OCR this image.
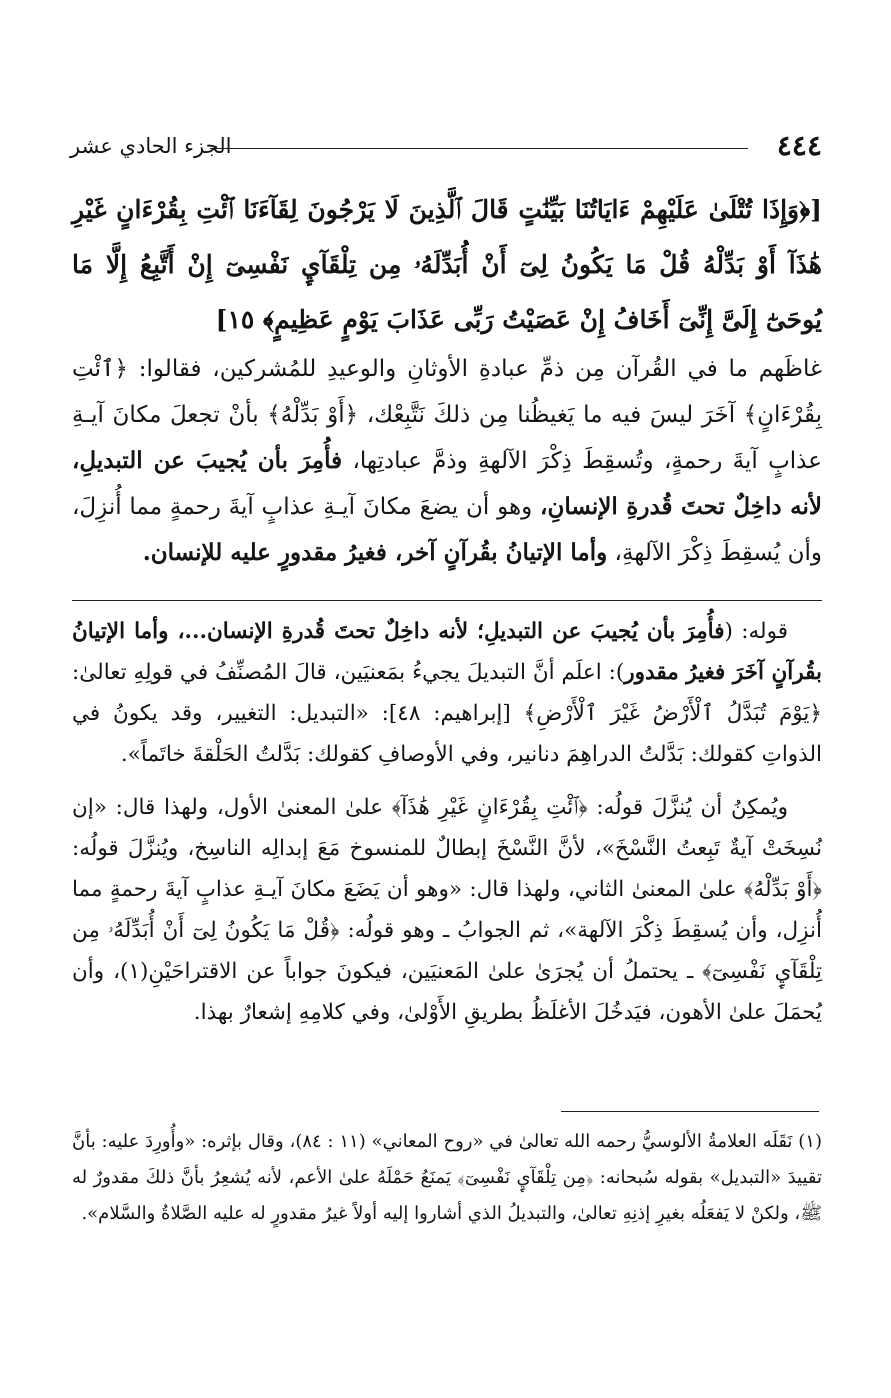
٤٤٤
الجزء الحادي عشر
[﴿وَإِذَا تُتْلَىٰ عَلَيْهِمْ ءَايَاتُنَا بَيِّنَٰتٍ قَالَ ٱلَّذِينَ لَا يَرْجُونَ لِقَآءَنَا ٱئْتِ بِقُرْءَانٍ غَيْرِ هَٰذَآ أَوْ بَدِّلْهُ قُلْ مَا يَكُونُ لِىٓ أَنْ أُبَدِّلَهُۥ مِن تِلْقَآيِٕ نَفْسِىٓ إِنْ أَتَّبِعُ إِلَّا مَا يُوحَىٰٓ إِلَىَّ إِنِّىٓ أَخَافُ إِنْ عَصَيْتُ رَبِّى عَذَابَ يَوْمٍ عَظِيمٍ﴾ ١٥]
غاظَهم ما في القُرآن مِن ذمِّ عبادةِ الأوثانِ والوعيدِ للمُشركين، فقالوا: ﴿ٱئْتِ بِقُرْءَانٍ﴾ آخَرَ ليسَ فيه ما يَغيظُنا مِن ذلكَ نَتَّبِعْك، ﴿أَوْ بَدِّلْهُ﴾ بأنْ تجعلَ مكانَ آيـةِ عذابٍ آيةَ رحمةٍ، وتُسقِطَ ذِكْرَ الآلهةِ وذمَّ عبادتِها، فأُمِرَ بأن يُجيبَ عن التبديلِ، لأنه داخِلٌ تحتَ قُدرةِ الإنسانِ، وهو أن يضعَ مكانَ آيـةِ عذابٍ آيةَ رحمةٍ مما أُنزِلَ، وأن يُسقِطَ ذِكْرَ الآلهةِ، وأما الإتيانُ بقُرآنٍ آخر، فغيرُ مقدورٍ عليه للإنسان.

قوله: (فأُمِرَ بأن يُجيبَ عن التبديلِ؛ لأنه داخِلٌ تحتَ قُدرةِ الإنسان...، وأما الإتيانُ بقُرآنٍ آخَرَ فغيرُ مقدور): اعلَم أنَّ التبديلَ يجيءُ بمَعنيَين، قالَ المُصنِّفُ في قولِهِ تعالىٰ: ﴿يَوْمَ تُبَدَّلُ ٱلْأَرْضُ غَيْرَ ٱلْأَرْضِ﴾ [إبراهيم: ٤٨]: «التبديل: التغيير، وقد يكونُ في الذواتِ كقولك: بَدَّلتُ الدراهِمَ دنانير، وفي الأوصافِ كقولك: بَدَّلتُ الحَلْقةَ خاتَماً».

ويُمكِنُ أن يُنزَّلَ قولُه: ﴿ٱئْتِ بِقُرْءَانٍ غَيْرِ هَٰذَآ﴾ علىٰ المعنىٰ الأول، ولهذا قال: «إن نُسِخَتْ آيةٌ تَبِعتُ النَّسْخَ»، لأنَّ النَّسْخَ إبطالٌ للمنسوخ مَعَ إبدالِه الناسِخ، ويُنزَّلَ قولُه: ﴿أَوْ بَدِّلْهُ﴾ علىٰ المعنىٰ الثاني، ولهذا قال: «وهو أن يَضَعَ مكانَ آيـةِ عذابٍ آيةَ رحمةٍ مما أُنزِل، وأن يُسقِطَ ذِكْرَ الآلهة»، ثم الجوابُ ـ وهو قولُه: ﴿قُلْ مَا يَكُونُ لِىٓ أَنْ أُبَدِّلَهُۥ مِن تِلْقَآيِٕ نَفْسِىٓ﴾ ـ يحتملُ أن يُجرَىٰ علىٰ المَعنيَين، فيكونَ جواباً عن الاقتراحَيْنِ(١)، وأن يُحمَلَ علىٰ الأهون، فيَدخُلَ الأغلَظُ بطريقِ الأَوْلىٰ، وفي كلامِهِ إشعارٌ بهذا.

(١) نَقَلَه العلامةُ الألوسيُّ رحمه الله تعالىٰ في «روح المعاني» (١١ : ٨٤)، وقال بإثره: «وأُورِدَ عليه: بأنَّ تقييدَ «التبديل» بقوله سُبحانه: ﴿مِن تِلْقَآيِٕ نَفْسِىٓ﴾ يَمنَعُ حَمْلَهُ علىٰ الأعم، لأنه يُشعِرُ بأنَّ ذلكَ مقدورٌ له ﷺ، ولكنْ لا يَفعَلُه بغيرِ إذنِهِ تعالىٰ، والتبديلُ الذي أشاروا إليه أولاً غيرُ مقدورٍ له عليه الصَّلاةُ والسَّلام».
